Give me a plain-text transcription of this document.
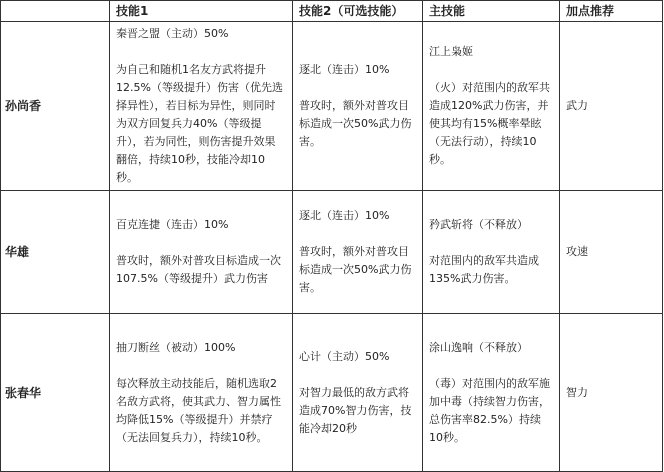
	技能1	技能2（可选技能）	主技能	加点推荐
孙尚香	秦晋之盟（主动）50%
为自己和随机1名友方武将提升12.5%（等级提升）伤害（优先选择异性），若目标为异性，则同时为双方回复兵力40%（等级提升），若为同性，则伤害提升效果翻倍，持续10秒，技能冷却10秒。	逐北（连击）10%
普攻时，额外对普攻目标造成一次50%武力伤害。	江上枭姬
（火）对范围内的敌军共造成120%武力伤害，并使其均有15%概率晕眩（无法行动），持续10秒。	武力
华雄	百克连捷（连击）10%
普攻时，额外对普攻目标造成一次107.5%（等级提升）武力伤害	逐北（连击）10%
普攻时，额外对普攻目标造成一次50%武力伤害。	矜武斩将（不释放）
对范围内的敌军共造成135%武力伤害。	攻速
张春华	抽刀断丝（被动）100%
每次释放主动技能后，随机选取2名敌方武将，使其武力、智力属性均降低15%（等级提升）并禁疗（无法回复兵力），持续10秒。	心计（主动）50%
对智力最低的敌方武将造成70%智力伤害，技能冷却20秒	涂山逸响（不释放）
（毒）对范围内的敌军施加中毒（持续智力伤害，总伤害率82.5%）持续10秒。	智力
